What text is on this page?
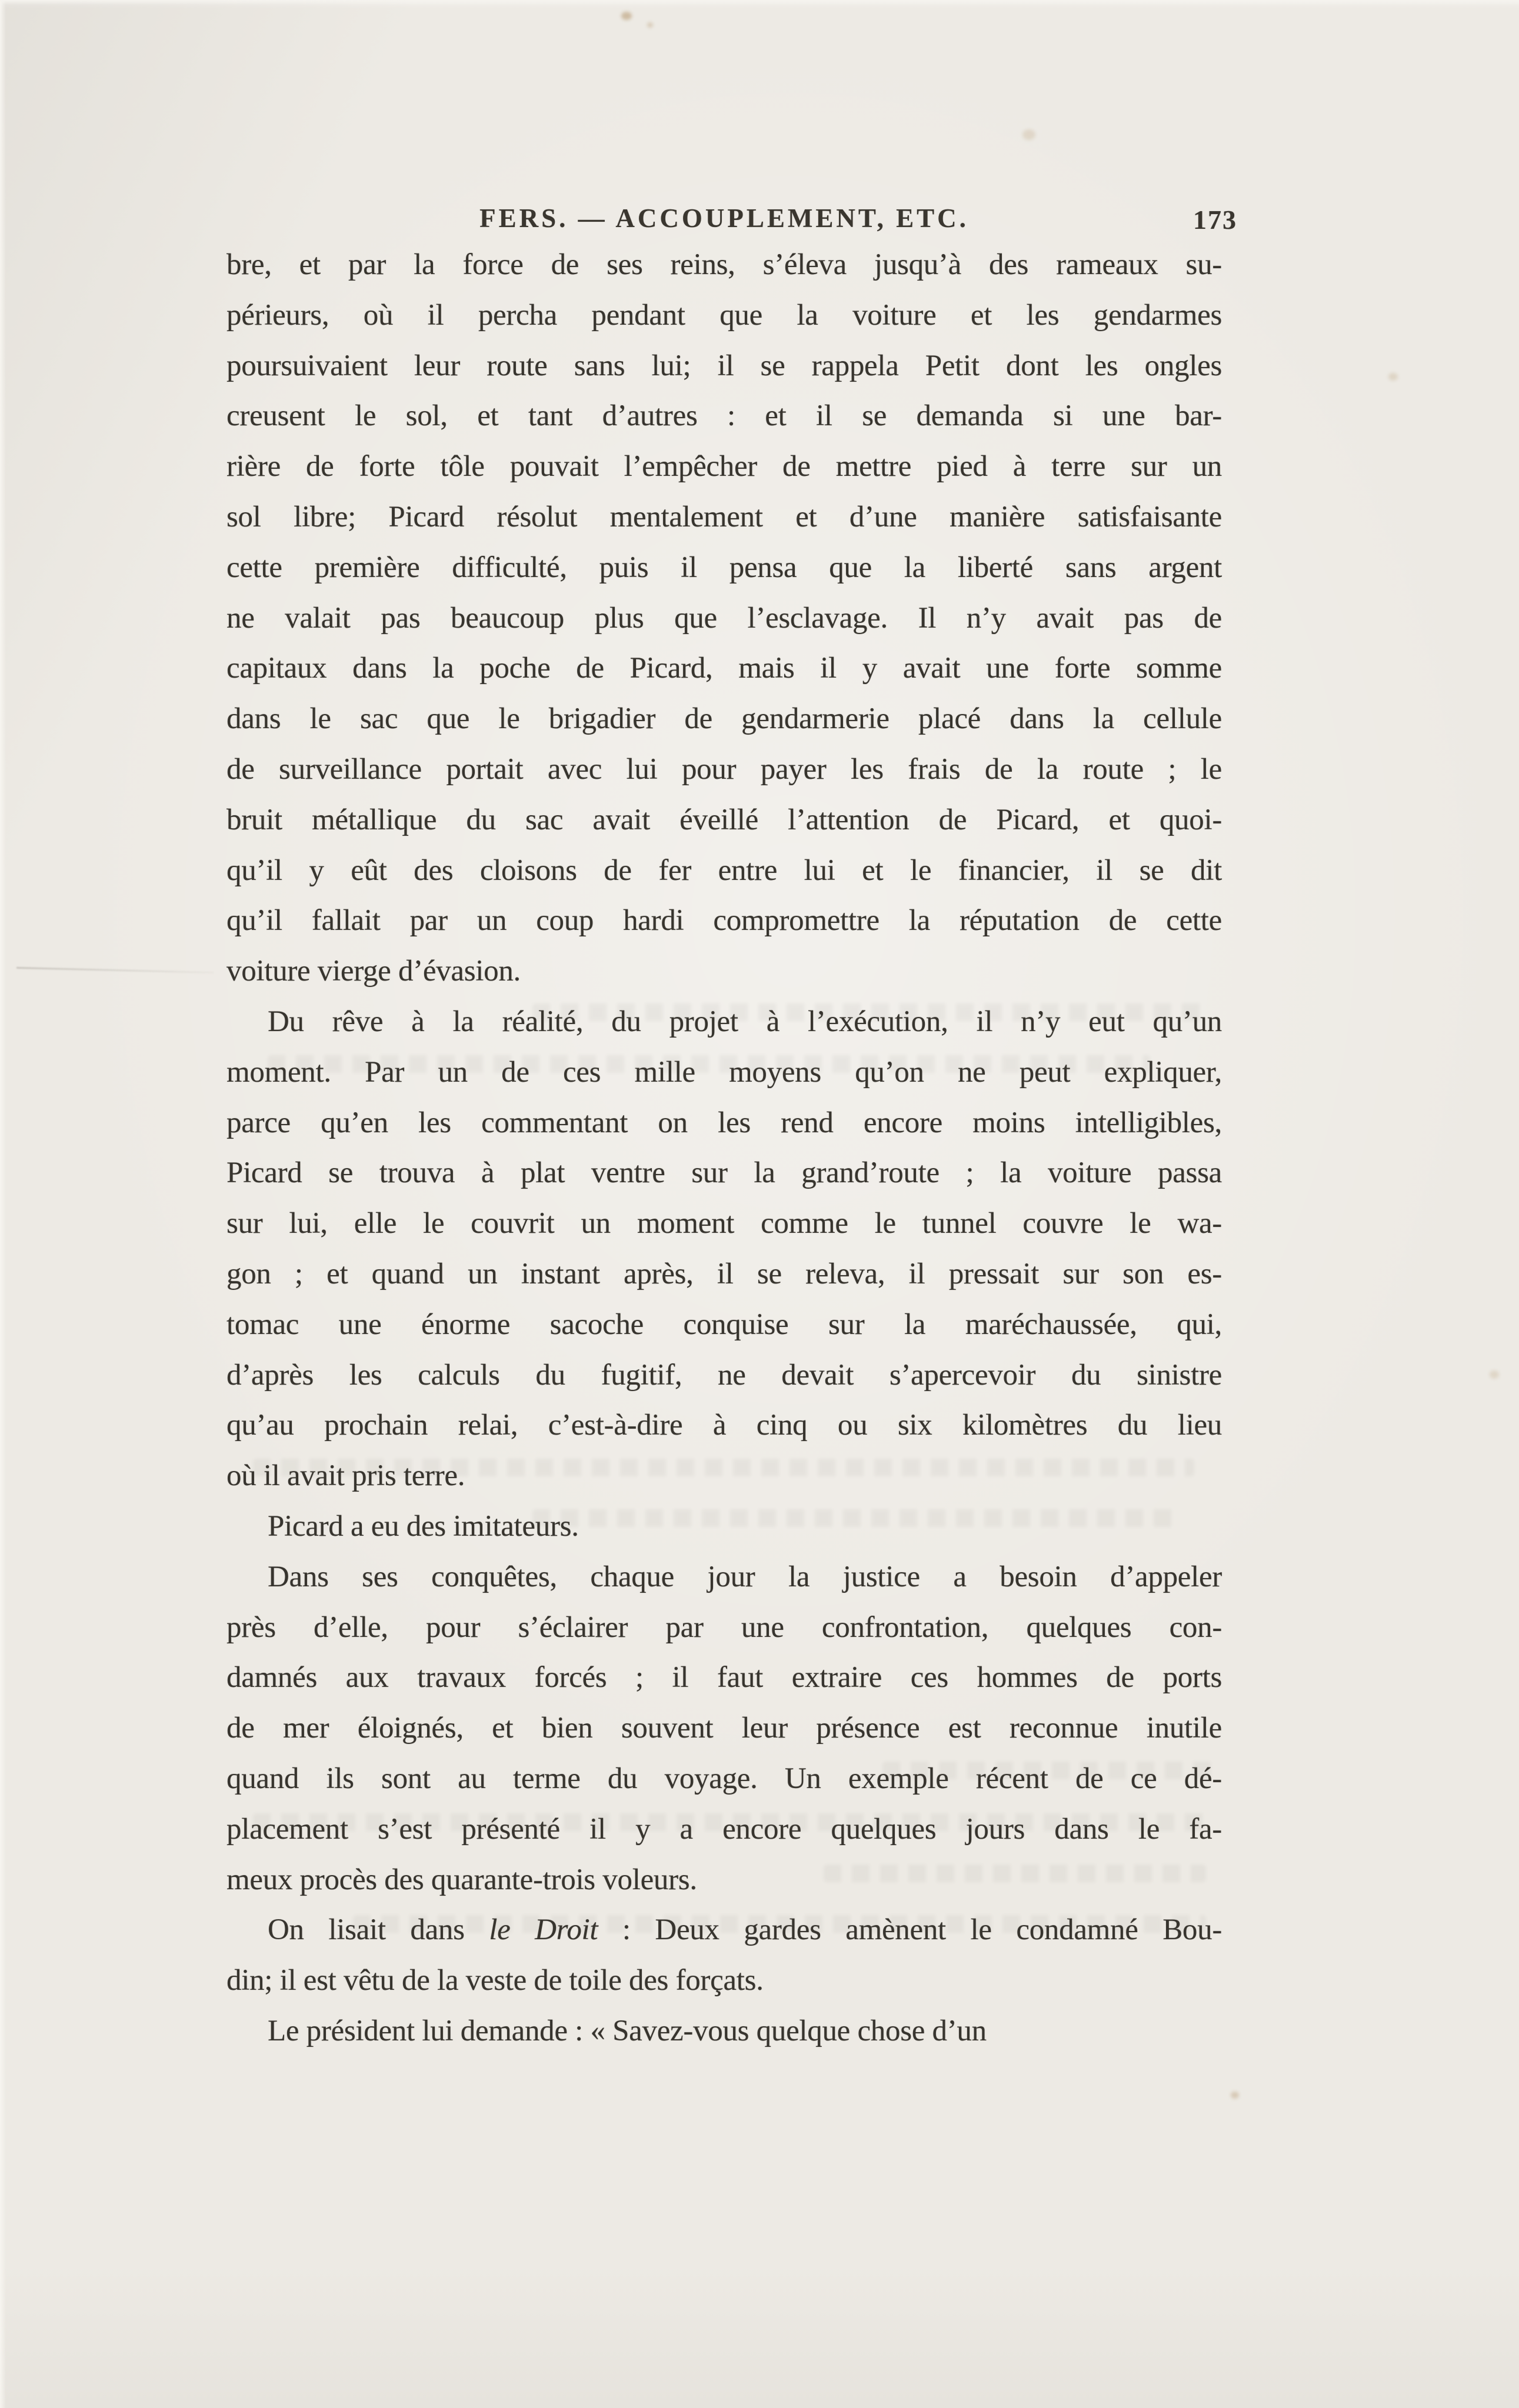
FERS. — ACCOUPLEMENT, ETC.	173
bre, et par la force de ses reins, s’éleva jusqu’à des rameaux su-
périeurs, où il percha pendant que la voiture et les gendarmes
poursuivaient leur route sans lui; il se rappela Petit dont les ongles
creusent le sol, et tant d’autres : et il se demanda si une bar-
rière de forte tôle pouvait l’empêcher de mettre pied à terre sur un
sol libre; Picard résolut mentalement et d’une manière satisfaisante
cette première difficulté, puis il pensa que la liberté sans argent
ne valait pas beaucoup plus que l’esclavage. Il n’y avait pas de
capitaux dans la poche de Picard, mais il y avait une forte somme
dans le sac que le brigadier de gendarmerie placé dans la cellule
de surveillance portait avec lui pour payer les frais de la route ; le
bruit métallique du sac avait éveillé l’attention de Picard, et quoi-
qu’il y eût des cloisons de fer entre lui et le financier, il se dit
qu’il fallait par un coup hardi compromettre la réputation de cette
voiture vierge d’évasion.
Du rêve à la réalité, du projet à l’exécution, il n’y eut qu’un
moment. Par un de ces mille moyens qu’on ne peut expliquer,
parce qu’en les commentant on les rend encore moins intelligibles,
Picard se trouva à plat ventre sur la grand’route ; la voiture passa
sur lui, elle le couvrit un moment comme le tunnel couvre le wa-
gon ; et quand un instant après, il se releva, il pressait sur son es-
tomac une énorme sacoche conquise sur la maréchaussée, qui,
d’après les calculs du fugitif, ne devait s’apercevoir du sinistre
qu’au prochain relai, c’est-à-dire à cinq ou six kilomètres du lieu
où il avait pris terre.
Picard a eu des imitateurs.
Dans ses conquêtes, chaque jour la justice a besoin d’appeler
près d’elle, pour s’éclairer par une confrontation, quelques con-
damnés aux travaux forcés ; il faut extraire ces hommes de ports
de mer éloignés, et bien souvent leur présence est reconnue inutile
quand ils sont au terme du voyage. Un exemple récent de ce dé-
placement s’est présenté il y a encore quelques jours dans le fa-
meux procès des quarante-trois voleurs.
On lisait dans le Droit : Deux gardes amènent le condamné Bou-
din; il est vêtu de la veste de toile des forçats.
Le président lui demande : « Savez-vous quelque chose d’un
